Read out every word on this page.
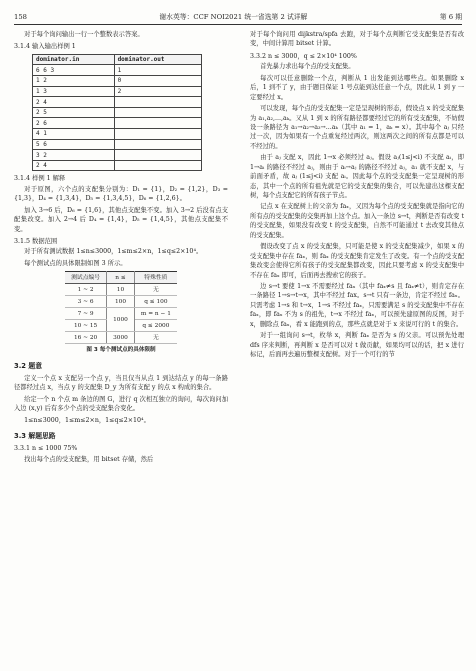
158	谢水英等：CCF NOI2021 统一省选第 2 试详解	第 6 期

对于每个询问输出一行一个整数表示答案。

3.1.4 输入输出样例 1
dominator.in	dominator.out
6 6 3	1
1 2	0
1 3	2
2 4	
2 5	
2 6	
4 1	
5 6	
3 2	
2 4	
3.1.4 样例 1 解释

对于原图，六个点的支配集分别为：D₁ = {1}，D₂ = {1,2}，D₃ = {1,3}，D₄ = {1,3,4}，D₅ = {1,3,4,5}，D₆ = {1,2,6}。

加入 3→6 后，D₆ = {1,6}，其他点支配集不变。加入 3→2 后没有点支配集改变。加入 2→4 后 D₄ = {1,4}，D₅ = {1,4,5}，其他点支配集不变。

3.1.5 数据范围

对于所有测试数据 1≤n≤3000，1≤m≤2×n，1≤q≤2×10⁴。

每个测试点的具体限制如图 3 所示。

测试点编号	n ≤	特殊性质
1 ~ 2	10	无
3 ~ 6	100	q ≤ 100
7 ~ 9	1000	m = n − 1
10 ~ 15		q ≤ 2000
16 ~ 20	3000	无
图 3 每个测试点的具体限制
3.2 题意

定义一个点 x 支配另一个点 y，当且仅当从点 1 到达结点 y 的每一条路径都经过点 x，当点 y 的支配集 D_y 为所有支配 y 的点 x 构成的集合。

给定一个 n 个点 m 条边的图 G，进行 q 次相互独立的询问，每次询问加入边 (x,y) 后有多少个点的受支配集合变化。

1≤n≤3000，1≤m≤2×n，1≤q≤2×10⁴。

3.3 解题思路
3.3.1 n ≤ 1000 75%

找出每个点的受支配集，用 bitset 存储，然后

对于每个询问用 dijkstra/spfa 去跑，对于每个点判断它受支配集是否有改变，中间计算用 bitset 计算。

3.3.2 n ≤ 3000，q ≤ 2×10⁴ 100%

首先暴力求出每个点的受支配集。

每次可以任意删除一个点，判断从 1 出发能到达哪些点。如果删除 x 后，1 到不了 y，由于题目保证 1 号点能到达任意一个点，因此从 1 到 y 一定要经过 x。

可以发现，每个点的受支配集一定是呈现树的形态，假设点 x 的受支配集为 a₁,a₂,...,aₖ。又从 1 到 x 的所有路径都要经过它的所有受支配集，不妨假设一条路径为 a₁→a₂→a₃→...aₖ（其中 a₁ = 1，aₖ = x）。其中每个 aⱼ 只经过一次，因为如果有一个点重复经过两次，则这两次之间的所有点都是可以不经过的。

由于 aⱼ 支配 x，因此 1→x 必须经过 aⱼ。假设 aⱼ(1≤j<i) 不支配 aᵢ，即 1→aᵢ 的路径不经过 aⱼ，则由于 aᵢ→aⱼ 的路径不经过 aⱼ，a₁ 就不支配 x，与前面矛盾，故 aⱼ (1≤j<i) 支配 aᵢ。因此每个点的受支配集一定呈现树的形态，其中一个点的所有祖先就是它的受支配集的集合，可以先建出这棵支配树，每个点支配它的所有孩子节点。

记点 x 在支配树上的父亲为 faₓ，又因为每个点的受支配集就是指向它的所有点的受支配集的交集再加上这个点。加入一条边 s→t，判断是否有改变 t 的受支配集，如果没有改变 t 的受支配集，自然不可能通过 t 去改变其他点的受支配集。

假设改变了点 x 的受支配集，只可能是使 x 的受支配集减少，如果 x 的受支配集中存在 faₓ，则 faₓ 的受支配集肯定发生了改变。有一个点的受支配集改变会使得它所有孩子的受支配集都改变，因此只要考虑 x 的受支配集中不存在 faₓ 即可，后面再去搜索它的孩子。

边 s→t 要使 1→x 不需要经过 faₓ（其中 faₓ≠s 且 faₓ≠t），则肯定存在一条路径 1→s→t→x，其中不经过 fax。s→t 只有一条边，肯定不经过 faₓ。只需考虑 1→s 和 t→x，1→s 不经过 faₓ，只需要满足 s 的受支配集中不存在 faₓ，即 faₓ 不为 s 的祖先，t→x 不经过 faₓ，可以预先建原图的反图，对于 x，删除点 faₓ，看 x 能跑到的点，那些点就是对于 x 来说可行的 t 的集合。

对于一组询问 s→t，枚举 x，判断 faₓ 是否为 s 的父亲。可以预先处理 dfs 序来判断，再判断 x 是否可以对 t 做贡献，如果均可以的话，把 x 进行标记，后面再去遍历整棵支配树。对于一个可行的节
